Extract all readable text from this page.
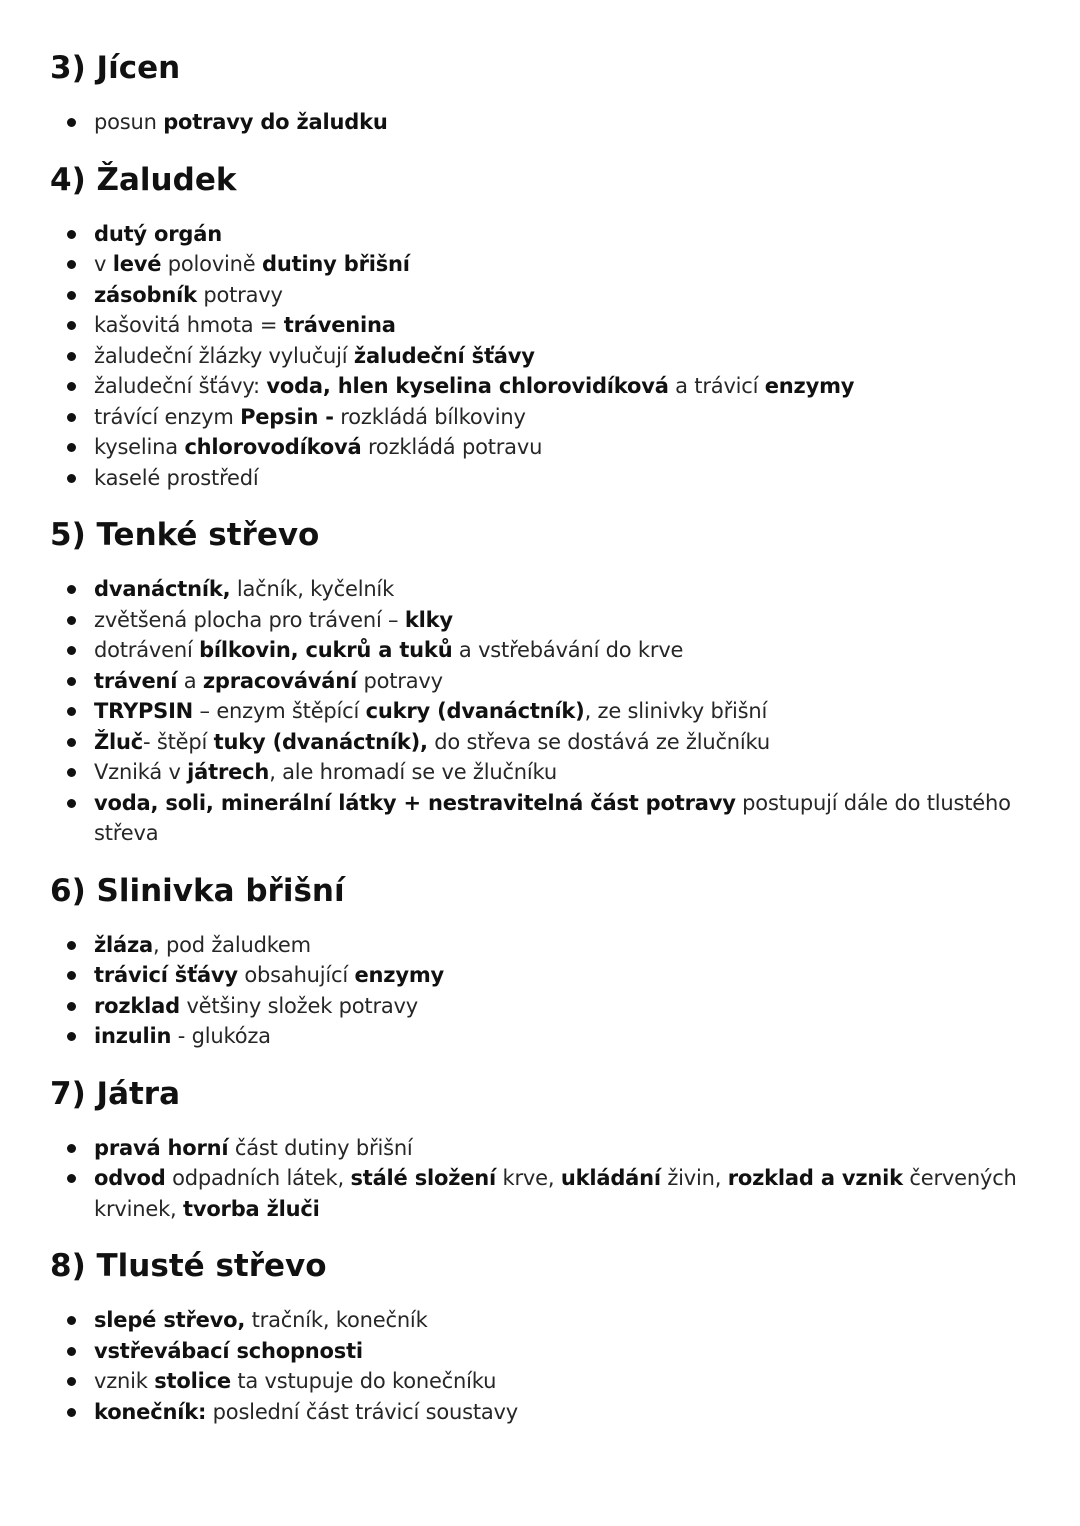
3) Jícen
posun potravy do žaludku
4) Žaludek
dutý orgán
v levé polovině dutiny břišní
zásobník potravy
kašovitá hmota = trávenina
žaludeční žlázky vylučují žaludeční šťávy
žaludeční šťávy: voda, hlen kyselina chlorovidíková a trávicí enzymy
trávící enzym Pepsin - rozkládá bílkoviny
kyselina chlorovodíková rozkládá potravu
kaselé prostředí
5) Tenké střevo
dvanáctník, lačník, kyčelník
zvětšená plocha pro trávení – klky
dotrávení bílkovin, cukrů a tuků a vstřebávání do krve
trávení a zpracovávání potravy
TRYPSIN – enzym štěpící cukry (dvanáctník), ze slinivky břišní
Žluč- štěpí tuky (dvanáctník), do střeva se dostává ze žlučníku
Vzniká v játrech, ale hromadí se ve žlučníku
voda, soli, minerální látky + nestravitelná část potravy postupují dále do tlustého střeva
6) Slinivka břišní
žláza, pod žaludkem
trávicí šťávy obsahující enzymy
rozklad většiny složek potravy
inzulin - glukóza
7) Játra
pravá horní část dutiny břišní
odvod odpadních látek, stálé složení krve, ukládání živin, rozklad a vznik červených krvinek, tvorba žluči
8) Tlusté střevo
slepé střevo, tračník, konečník
vstřevábací schopnosti
vznik stolice ta vstupuje do konečníku
konečník: poslední část trávicí soustavy
